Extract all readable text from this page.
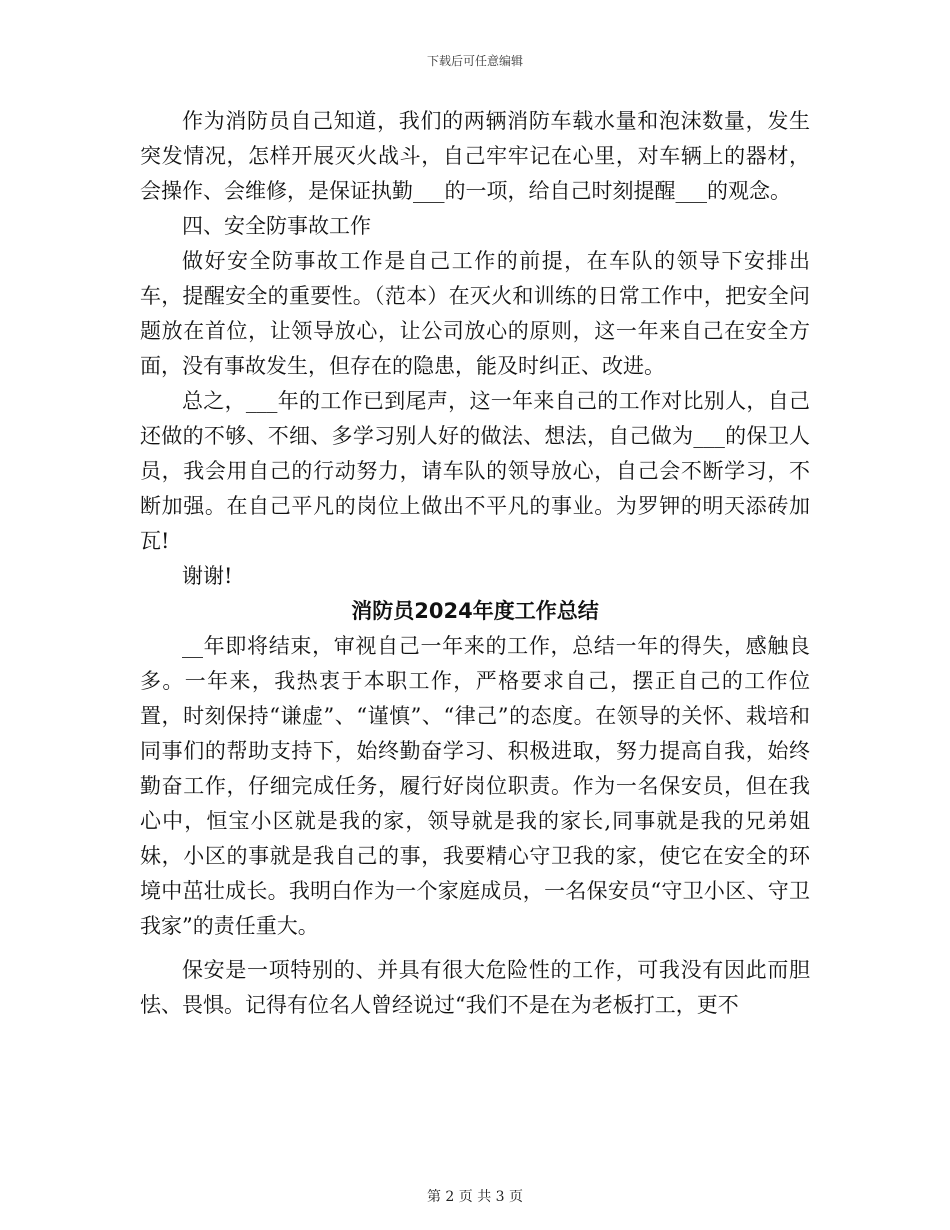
下载后可任意编辑

作为消防员自己知道，我们的两辆消防车载水量和泡沫数量，发生突发情况，怎样开展灭火战斗，自己牢牢记在心里，对车辆上的器材，会操作、会维修，是保证执勤___的一项，给自己时刻提醒___的观念。

四、安全防事故工作

做好安全防事故工作是自己工作的前提，在车队的领导下安排出车，提醒安全的重要性。（范本）在灭火和训练的日常工作中，把安全问题放在首位，让领导放心，让公司放心的原则，这一年来自己在安全方面，没有事故发生，但存在的隐患，能及时纠正、改进。

总之，___年的工作已到尾声，这一年来自己的工作对比别人，自己还做的不够、不细、多学习别人好的做法、想法，自己做为___的保卫人员，我会用自己的行动努力，请车队的领导放心，自己会不断学习，不断加强。在自己平凡的岗位上做出不平凡的事业。为罗钾的明天添砖加瓦!

谢谢!

消防员2024年度工作总结

__年即将结束，审视自己一年来的工作，总结一年的得失，感触良多。一年来，我热衷于本职工作，严格要求自己，摆正自己的工作位置，时刻保持“谦虚”、“谨慎”、“律己”的态度。在领导的关怀、栽培和同事们的帮助支持下，始终勤奋学习、积极进取，努力提高自我，始终勤奋工作，仔细完成任务，履行好岗位职责。作为一名保安员，但在我心中，恒宝小区就是我的家，领导就是我的家长,同事就是我的兄弟姐妹，小区的事就是我自己的事，我要精心守卫我的家，使它在安全的环境中茁壮成长。我明白作为一个家庭成员，一名保安员“守卫小区、守卫我家”的责任重大。

保安是一项特别的、并具有很大危险性的工作，可我没有因此而胆怯、畏惧。记得有位名人曾经说过“我们不是在为老板打工，更不

第 2 页 共 3 页
